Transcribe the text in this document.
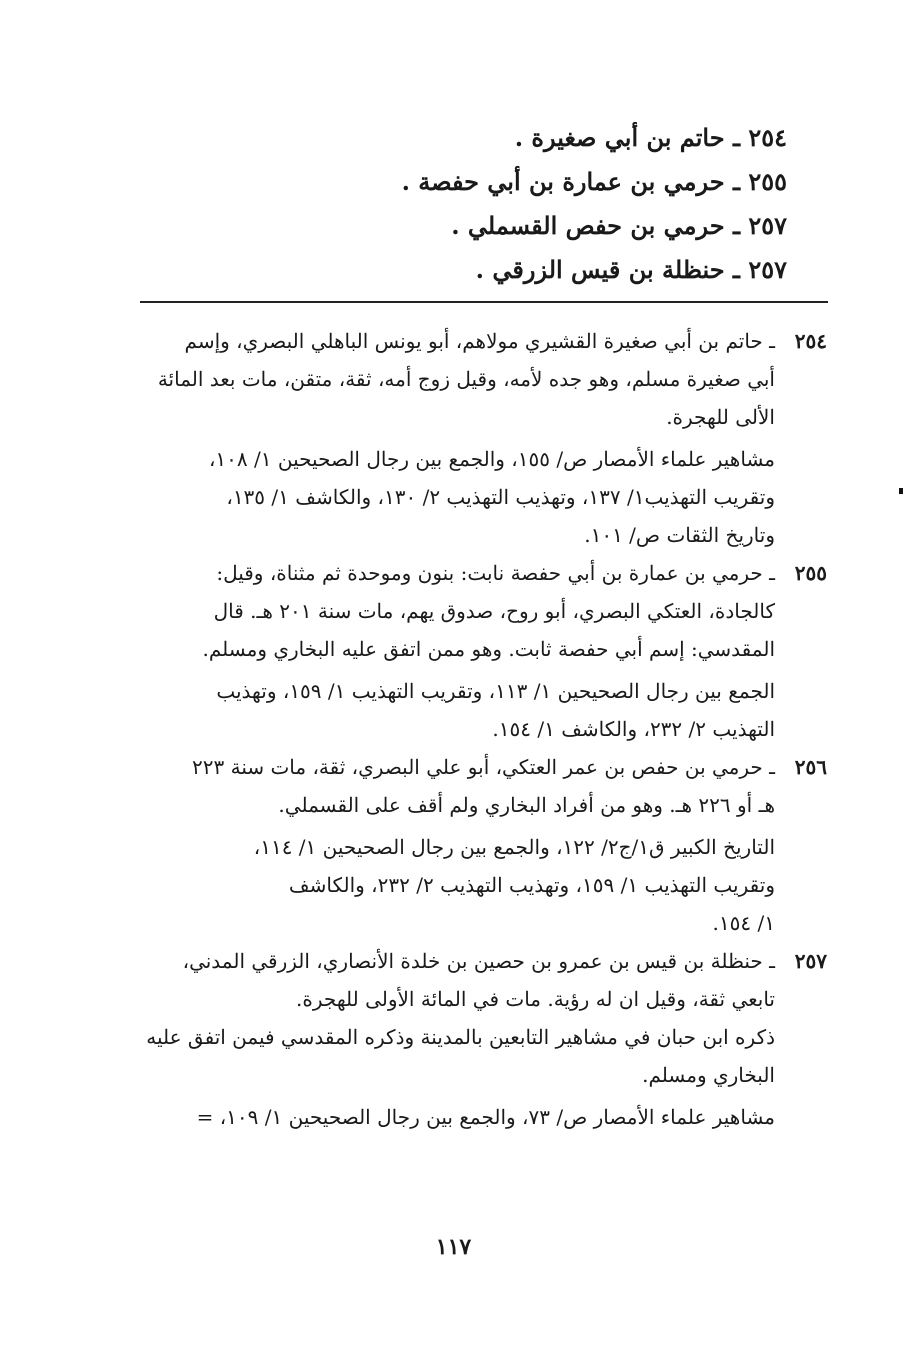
٢٥٤ ـ حاتم بن أبي صغيرة .
٢٥٥ ـ حرمي بن عمارة بن أبي حفصة .
٢٥٧ ـ حرمي بن حفص القسملي .
٢٥٧ ـ حنظلة بن قيس الزرقي .
٢٥٤
ـ حاتم بن أبي صغيرة القشيري مولاهم، أبو يونس الباهلي البصري، وإسم
أبي صغيرة مسلم، وهو جده لأمه، وقيل زوج أمه، ثقة، متقن، مات بعد المائة
الألى للهجرة.
مشاهير علماء الأمصار ص/ ١٥٥، والجمع بين رجال الصحيحين ١/ ١٠٨،
وتقريب التهذيب١/ ١٣٧، وتهذيب التهذيب ٢/ ١٣٠، والكاشف ١/ ١٣٥،
وتاريخ الثقات ص/ ١٠١.
٢٥٥
ـ حرمي بن عمارة بن أبي حفصة نابت: بنون وموحدة ثم مثناة، وقيل:
كالجادة، العتكي البصري، أبو روح، صدوق يهم، مات سنة ٢٠١ هـ. قال
المقدسي: إسم أبي حفصة ثابت. وهو ممن اتفق عليه البخاري ومسلم.
الجمع بين رجال الصحيحين ١/ ١١٣، وتقريب التهذيب ١/ ١٥٩، وتهذيب
التهذيب ٢/ ٢٣٢، والكاشف ١/ ١٥٤.
٢٥٦
ـ حرمي بن حفص بن عمر العتكي، أبو علي البصري، ثقة، مات سنة ٢٢٣
هـ أو ٢٢٦ هـ. وهو من أفراد البخاري ولم أقف على القسملي.
التاريخ الكبير ق١/ج٢/ ١٢٢، والجمع بين رجال الصحيحين ١/ ١١٤،
وتقريب التهذيب ١/ ١٥٩، وتهذيب التهذيب ٢/ ٢٣٢، والكاشف
١/ ١٥٤.
٢٥٧
ـ حنظلة بن قيس بن عمرو بن حصين بن خلدة الأنصاري، الزرقي المدني،
تابعي ثقة، وقيل ان له رؤية. مات في المائة الأولى للهجرة.
ذكره ابن حبان في مشاهير التابعين بالمدينة وذكره المقدسي فيمن اتفق عليه
البخاري ومسلم.
مشاهير علماء الأمصار ص/ ٧٣، والجمع بين رجال الصحيحين ١/ ١٠٩، =
١١٧
